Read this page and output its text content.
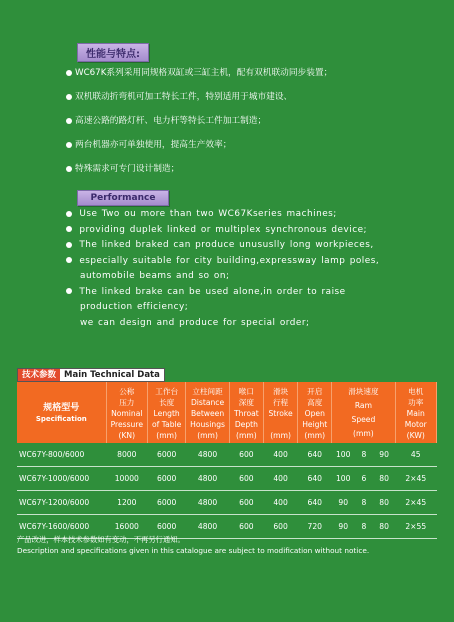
性能与特点:
WC67K系列采用同规格双缸或三缸主机，配有双机联动同步装置；
双机联动折弯机可加工特长工件，特别适用于城市建设、
高速公路的路灯杆、电力杆等特长工件加工制造；
两台机器亦可单独使用，提高生产效率；
特殊需求可专门设计制造；
Performance
Use Two ou more than two WC67Kseries machines;
providing duplek linked or multiplex synchronous device;
The linked braked can produce unususlly long workpieces,
especially suitable for city building,expressway lamp poles,
automobile beams and so on;
The linked brake can be used alone,in order to raise
production efficiency;
we can design and produce for special order;
技术参数 Main Technical Data
规格型号
Specification	公称
压力
Nominal
Pressure
(KN)	工作台
长度
Length
of Table
(mm)	立柱间距
Distance
Between
Housings
(mm)	喉口
深度
Throat
Depth
(mm)	滑块
行程
Stroke
(mm)	开启
高度
Open
Height
(mm)	滑块速度
Ram
Speed
(mm)			电机
功率
Main
Motor
(KW)

WC67Y-800/6000	8000	6000	4800	600	400	640	100	8	90	45
WC67Y-1000/6000	10000	6000	4800	600	400	640	100	6	80	2×45
WC67Y-1200/6000	1200	6000	4800	600	400	640	90	8	80	2×45
WC67Y-1600/6000	16000	6000	4800	600	600	720	90	8	80	2×55
产品改进，样本技术参数如有变动，不再另行通知。
Description and specifications given in this catalogue are subject to modification without notice.
